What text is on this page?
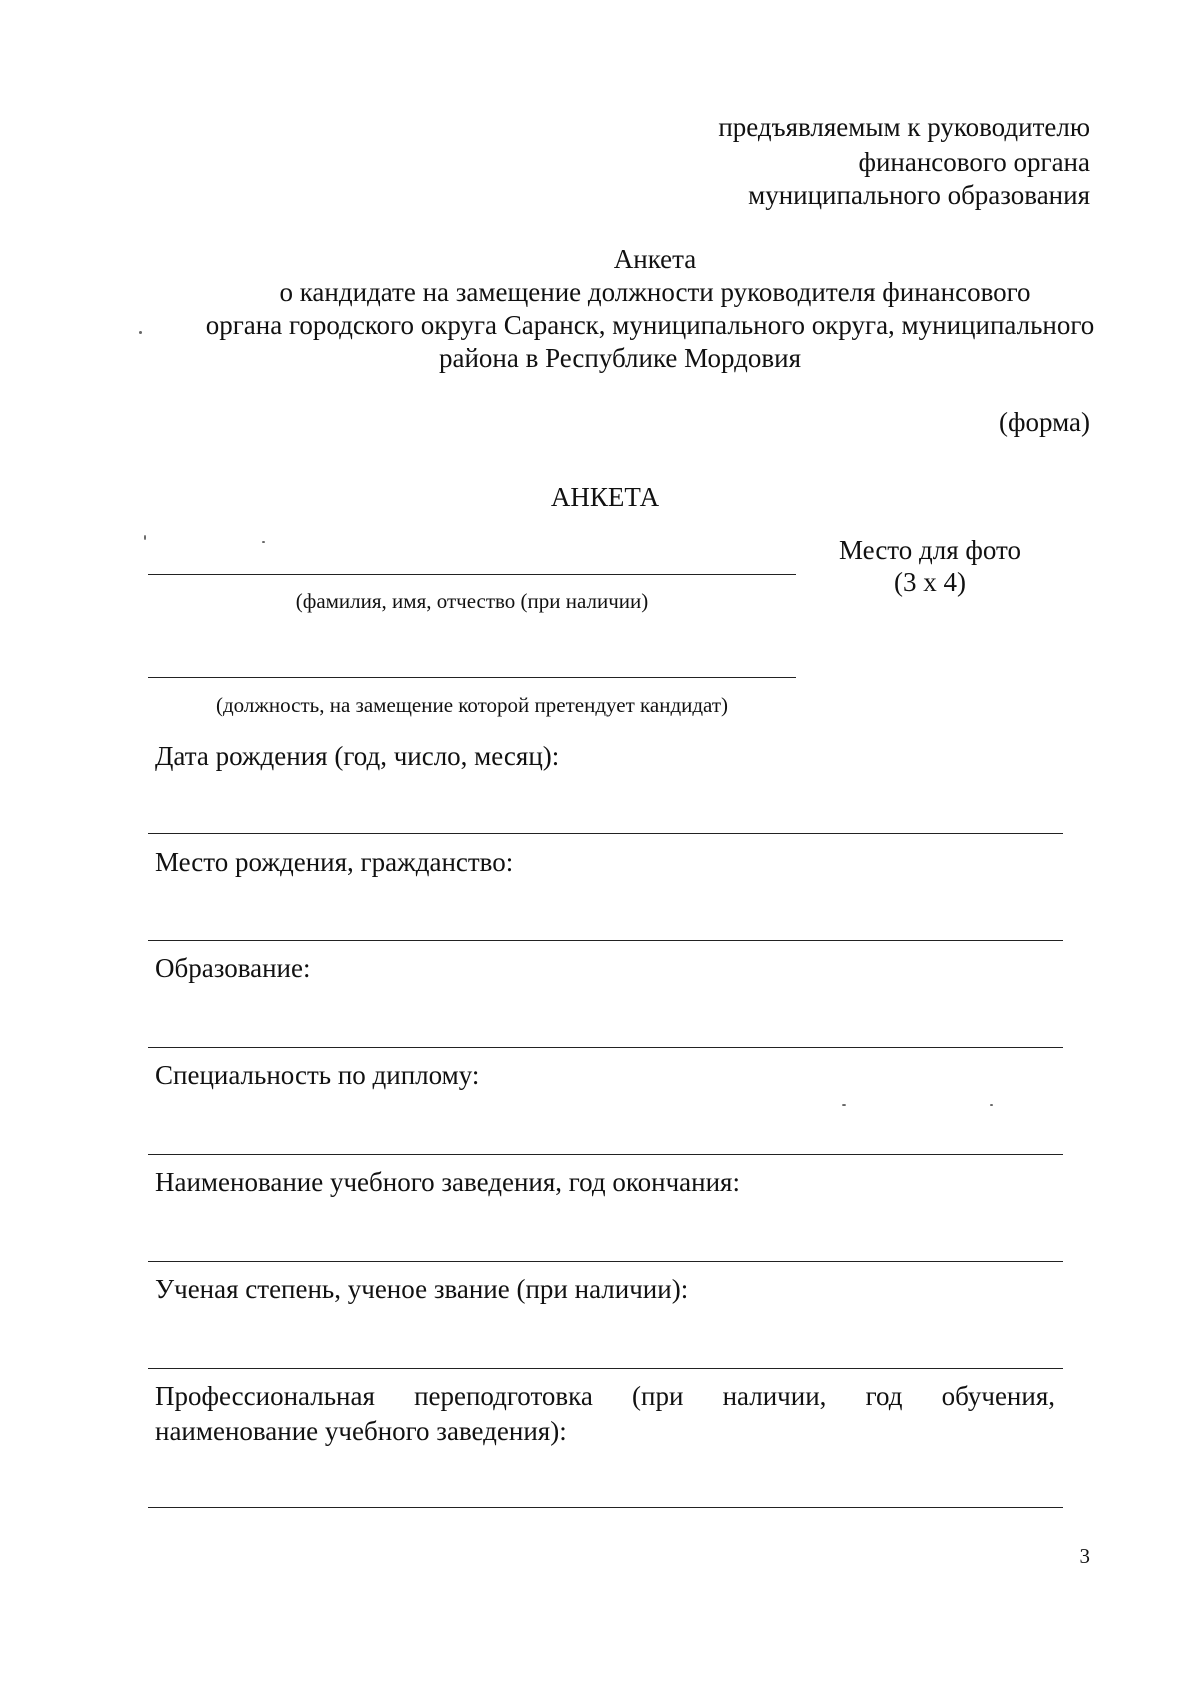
предъявляемым к руководителю
финансового органа
муниципального образования
Анкета
о кандидате на замещение должности руководителя финансового
органа городского округа Саранск, муниципального округа, муниципального
района в Республике Мордовия
(форма)
АНКЕТА
Место для фото
(3 х 4)
(фамилия, имя, отчество (при наличии)
(должность, на замещение которой претендует кандидат)
Дата рождения (год, число, месяц):
Место рождения, гражданство:
Образование:
Специальность по диплому:
Наименование учебного заведения, год окончания:
Ученая степень, ученое звание (при наличии):
Профессиональная переподготовка (при наличии, год обучения,
наименование учебного заведения):
3
